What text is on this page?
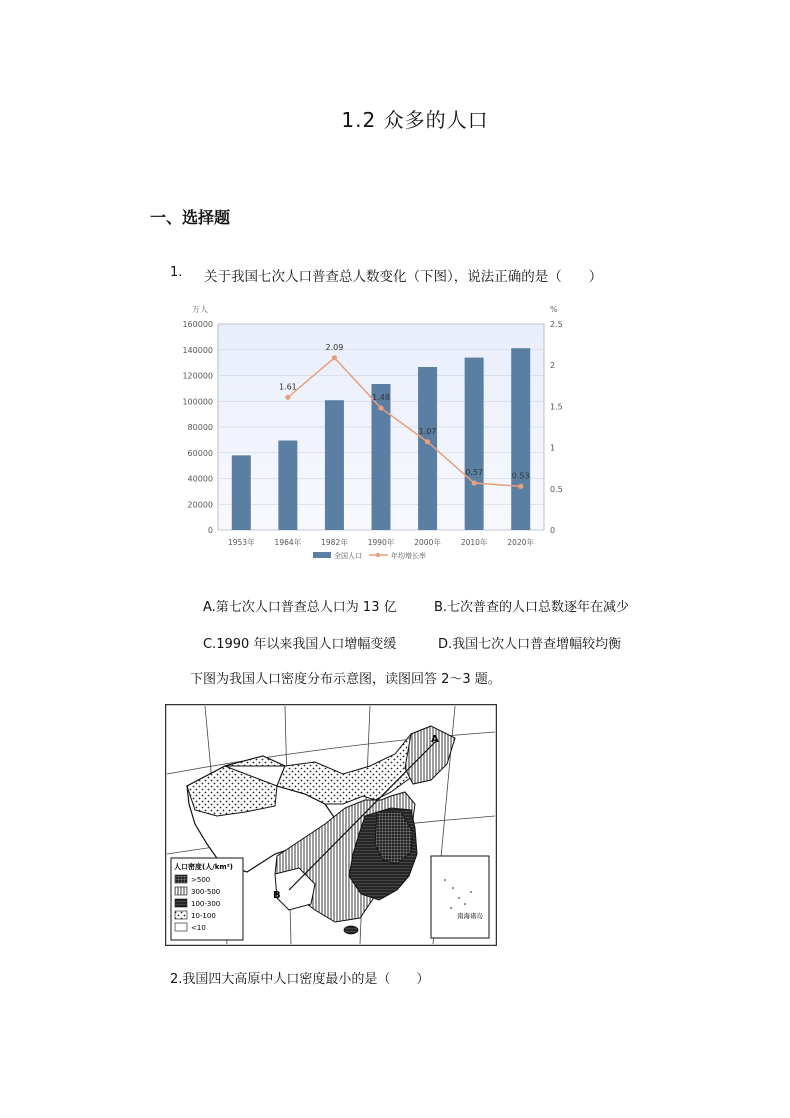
1.2 众多的人口
一、选择题
1. 关于我国七次人口普查总人数变化（下图），说法正确的是（　　）
0
20000
40000
60000
80000
100000
120000
140000
160000
0
0.5
1
1.5
2
2.5
1953年	1964年	1982年	1990年	2000年	2010年	2020年
1.61
2.09
1.48
1.07
0.57	0.53
万人	%
全国人口	年均增长率
A.第七次人口普查总人口为 13 亿	B.七次普查的人口总数逐年在减少
C.1990 年以来我国人口增幅变缓	D.我国七次人口普查增幅较均衡
下图为我国人口密度分布示意图，读图回答 2～3 题。
A
B
南海诸岛
人口密度(人/km²)
>500
300-500
100-300
10-100
<10
2.我国四大高原中人口密度最小的是（　　）
